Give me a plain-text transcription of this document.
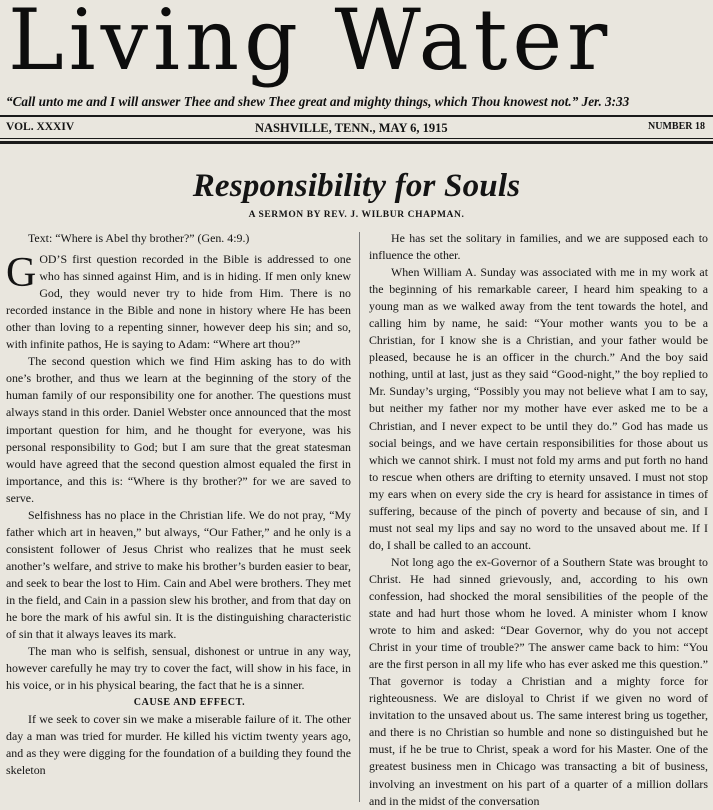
Living Water
“Call unto me and I will answer Thee and shew Thee great and mighty things, which Thou knowest not.” Jer. 3:33
VOL. XXXIV	NASHVILLE, TENN., MAY 6, 1915	NUMBER 18
Responsibility for Souls
A SERMON BY REV. J. WILBUR CHAPMAN.

Text: “Where is Abel thy brother?” (Gen. 4:9.)

GOD’S first question recorded in the Bible is addressed to one who has sinned against Him, and is in hiding. If men only knew God, they would never try to hide from Him. There is no recorded instance in the Bible and none in history where He has been other than loving to a repenting sinner, however deep his sin; and so, with infinite pathos, He is saying to Adam: “Where art thou?”

The second question which we find Him asking has to do with one’s brother, and thus we learn at the beginning of the story of the human family of our responsibility one for another. The questions must always stand in this order. Daniel Webster once announced that the most important question for him, and he thought for everyone, was his personal responsibility to God; but I am sure that the great statesman would have agreed that the second question almost equaled the first in importance, and this is: “Where is thy brother?” for we are saved to serve.

Selfishness has no place in the Christian life. We do not pray, “My father which art in heaven,” but always, “Our Father,” and he only is a consistent follower of Jesus Christ who realizes that he must seek another’s welfare, and strive to make his brother’s burden easier to bear, and seek to bear the lost to Him. Cain and Abel were brothers. They met in the field, and Cain in a passion slew his brother, and from that day on he bore the mark of his awful sin. It is the distinguishing characteristic of sin that it always leaves its mark.

The man who is selfish, sensual, dishonest or untrue in any way, however carefully he may try to cover the fact, will show in his face, in his voice, or in his physical bearing, the fact that he is a sinner.

CAUSE AND EFFECT.

If we seek to cover sin we make a miserable failure of it. The other day a man was tried for murder. He killed his victim twenty years ago, and as they were digging for the foundation of a building they found the skeleton

He has set the solitary in families, and we are supposed each to influence the other.

When William A. Sunday was associated with me in my work at the beginning of his remarkable career, I heard him speaking to a young man as we walked away from the tent towards the hotel, and calling him by name, he said: “Your mother wants you to be a Christian, for I know she is a Christian, and your father would be pleased, because he is an officer in the church.” And the boy said nothing, until at last, just as they said “Good-night,” the boy replied to Mr. Sunday’s urging, “Possibly you may not believe what I am to say, but neither my father nor my mother have ever asked me to be a Christian, and I never expect to be until they do.” God has made us social beings, and we have certain responsibilities for those about us which we cannot shirk. I must not fold my arms and put forth no hand to rescue when others are drifting to eternity unsaved. I must not stop my ears when on every side the cry is heard for assistance in times of suffering, because of the pinch of poverty and because of sin, and I must not seal my lips and say no word to the unsaved about me. If I do, I shall be called to an account.

Not long ago the ex-Governor of a Southern State was brought to Christ. He had sinned grievously, and, according to his own confession, had shocked the moral sensibilities of the people of the state and had hurt those whom he loved. A minister whom I know wrote to him and asked: “Dear Governor, why do you not accept Christ in your time of trouble?” The answer came back to him: “You are the first person in all my life who has ever asked me this question.” That governor is today a Christian and a mighty force for righteousness. We are disloyal to Christ if we given no word of invitation to the unsaved about us. The same interest bring us together, and there is no Christian so humble and none so distinguished but he must, if he be true to Christ, speak a word for his Master. One of the greatest business men in Chicago was transacting a bit of business, involving an investment on his part of a quarter of a million dollars and in the midst of the conversation
